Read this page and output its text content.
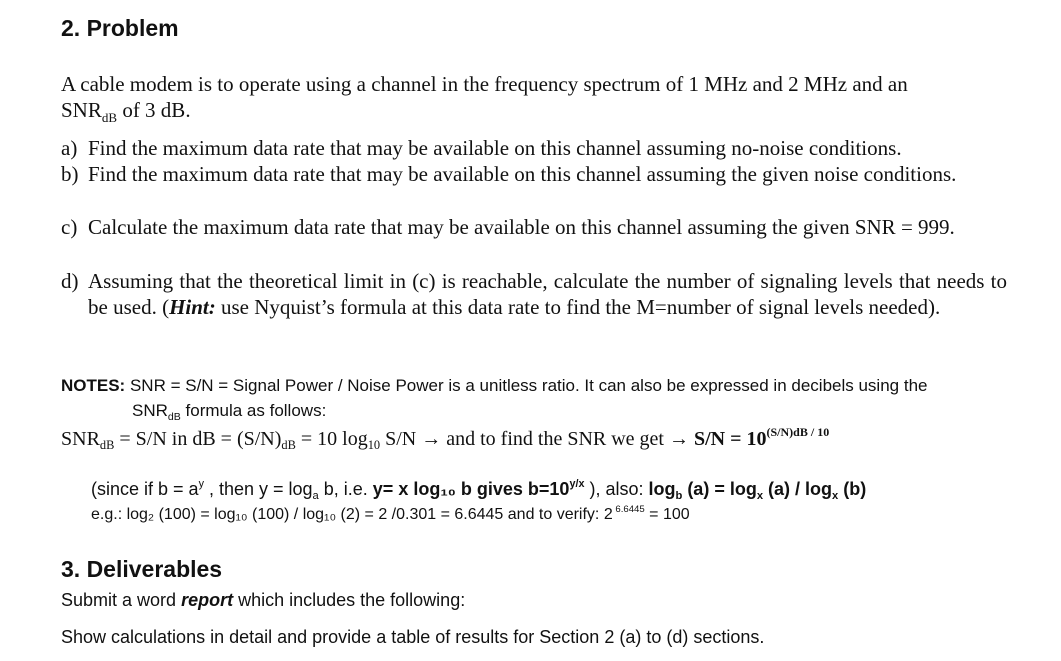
2. Problem
A cable modem is to operate using a channel in the frequency spectrum of 1 MHz and 2 MHz and an
$SNR_{dB}$ of 3 dB.
a) Find the maximum data rate that may be available on this channel assuming no-noise conditions.
b) Find the maximum data rate that may be available on this channel assuming the given noise conditions.
c) Calculate the maximum data rate that may be available on this channel assuming the given SNR = 999.
d) Assuming that the theoretical limit in (c) is reachable, calculate the number of signaling levels that needs to be used. (Hint: use Nyquist’s formula at this data rate to find the M=number of signal levels needed).
NOTES: SNR = S/N = Signal Power / Noise Power is a unitless ratio. It can also be expressed in decibels using the
$SNR_{dB}$ formula as follows:
$SNR_{dB} = S/N$ in dB = $(S/N)_{dB} = 10$ $\log_{10} S/N$ → and to find the SNR we get → $S/N = 10^{(S/N)dB / 10}$
(since if $b = a^y$ , then $y = \log_a b$, i.e. y= x log₁₀ b gives $b=10^{y/x}$ ), also: $\log_b (a) = \log_x (a) / \log_x (b)$
e.g.: log₂ (100) = log₁₀ (100) / log₁₀ (2) = 2 /0.301 = 6.6445 and to verify: 2 $^{6.6445}$ = 100
3. Deliverables
Submit a word report which includes the following:
Show calculations in detail and provide a table of results for Section 2 (a) to (d) sections.
